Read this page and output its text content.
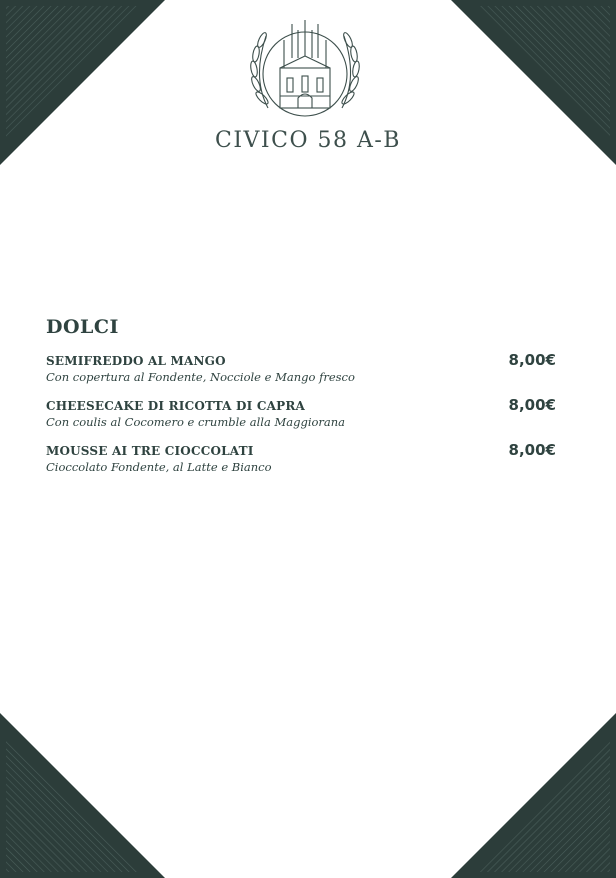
CIVICO 58 A-B
DOLCI
SEMIFREDDO AL MANGO
Con copertura al Fondente, Nocciole e Mango fresco
8,00€
CHEESECAKE DI RICOTTA DI CAPRA
Con coulis al Cocomero e crumble alla Maggiorana
8,00€
MOUSSE AI TRE CIOCCOLATI
Cioccolato Fondente, al Latte e Bianco
8,00€
